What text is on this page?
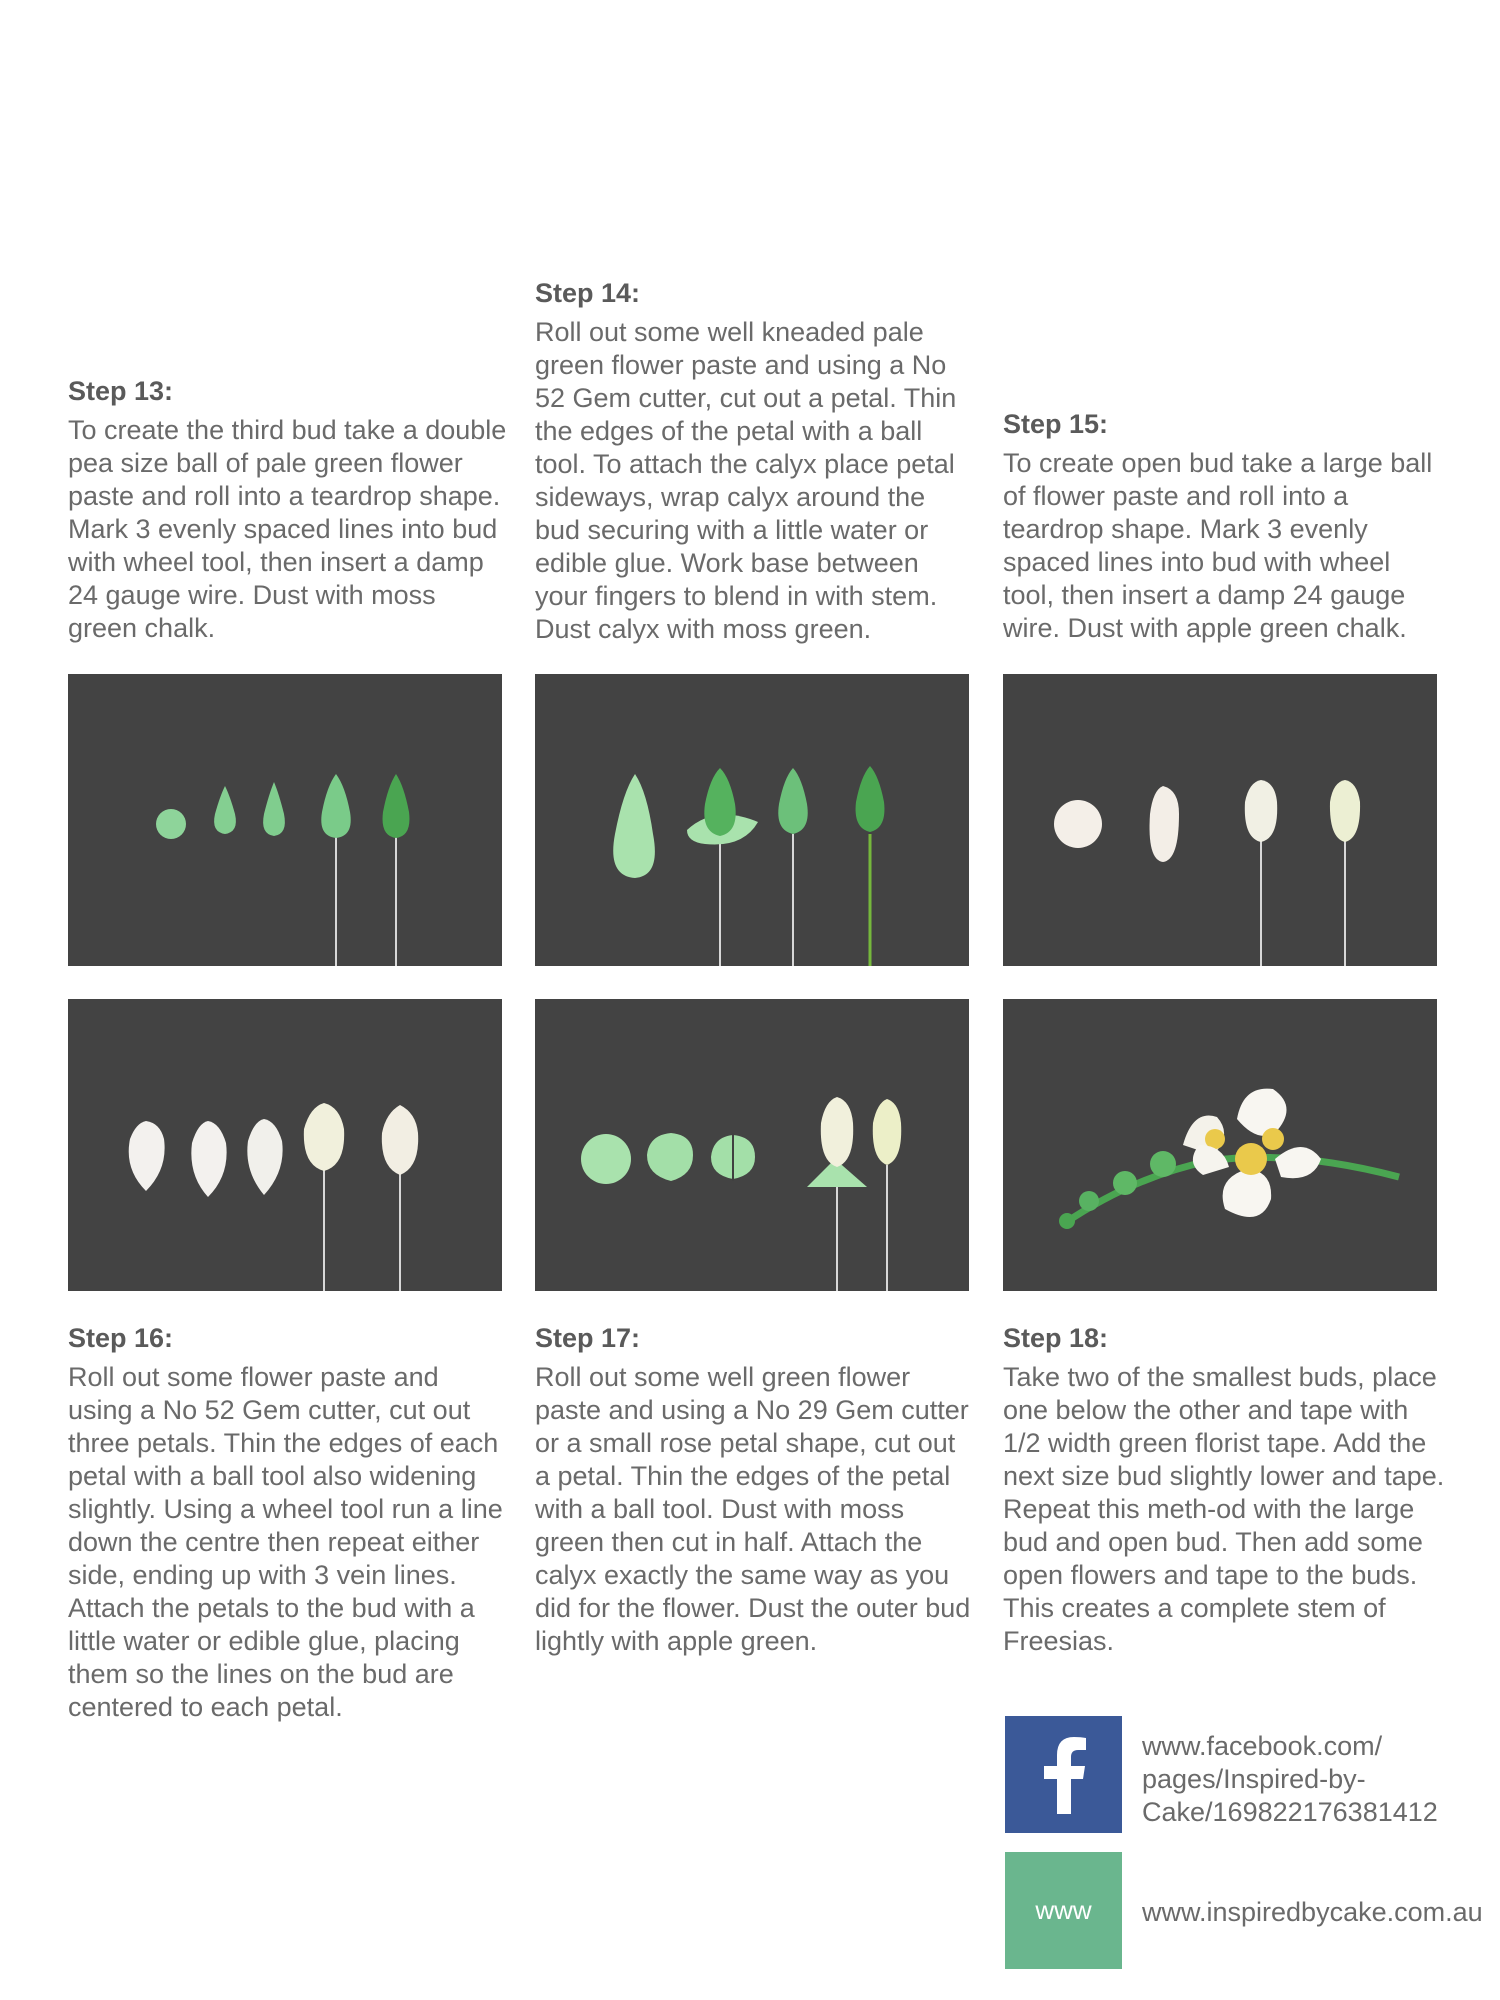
Step 13:

To create the third bud take a double pea size ball of pale green flower paste and roll into a teardrop shape. Mark 3 evenly spaced lines into bud with wheel tool, then insert a damp 24 gauge wire. Dust with moss green chalk.

Step 14:

Roll out some well kneaded pale green flower paste and using a No 52 Gem cutter, cut out a petal. Thin the edges of the petal with a ball tool. To attach the calyx place petal sideways, wrap calyx around the bud securing with a little water or edible glue. Work base between your fingers to blend in with stem. Dust calyx with moss green.

Step 15:

To create open bud take a large ball of flower paste and roll into a teardrop shape. Mark 3 evenly spaced lines into bud with wheel tool, then insert a damp 24 gauge wire. Dust with apple green chalk.

Step 16:

Roll out some flower paste and using a No 52 Gem cutter, cut out three petals. Thin the edges of each petal with a ball tool also widening slightly. Using a wheel tool run a line down the centre then repeat either side, ending up with 3 vein lines. Attach the petals to the bud with a little water or edible glue, placing them so the lines on the bud are centered to each petal.

Step 17:

Roll out some well green flower paste and using a No 29 Gem cutter or a small rose petal shape, cut out a petal. Thin the edges of the petal with a ball tool. Dust with moss green then cut in half. Attach the calyx exactly the same way as you did for the flower. Dust the outer bud lightly with apple green.

Step 18:

Take two of the smallest buds, place one below the other and tape with 1/2 width green florist tape. Add the next size bud slightly lower and tape. Repeat this meth-od with the large bud and open bud. Then add some open flowers and tape to the buds. This creates a complete stem of Freesias.

www.facebook.com/ pages/Inspired-by-Cake/169822176381412

www www.inspiredbycake.com.au
